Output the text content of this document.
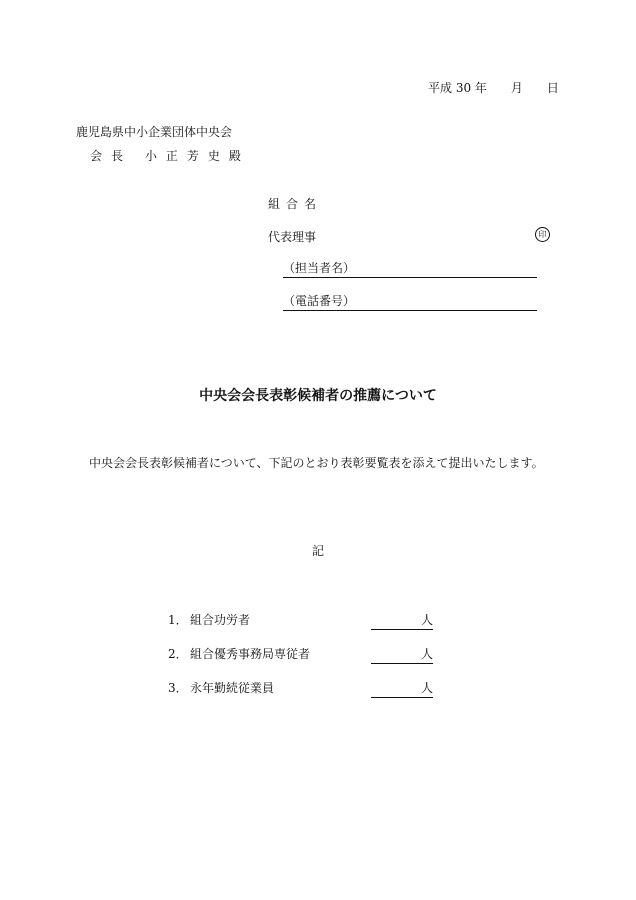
平成 30 年 月 日
鹿児島県中小企業団体中央会
会長 小正芳史殿
組合名
代表理事	印
（担当者名）
（電話番号）
中央会会長表彰候補者の推薦について
中央会会長表彰候補者について、下記のとおり表彰要覧表を添えて提出いたします。
記
1． 組合功労者	人
2． 組合優秀事務局専従者	人
3． 永年勤続従業員	人
